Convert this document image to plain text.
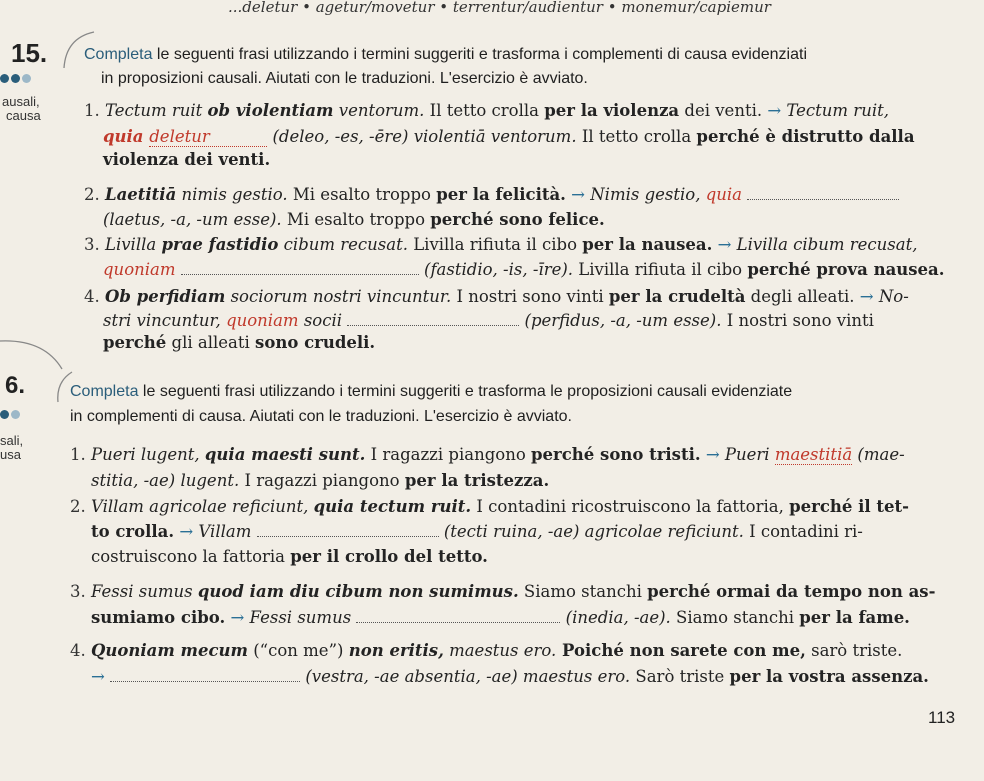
...deletur • agetur/movetur • terrentur/audientur • monemur/capiemur
15. Completa le seguenti frasi utilizzando i termini suggeriti e trasforma i complementi di causa evidenziati
in proposizioni causali. Aiutati con le traduzioni. L'esercizio è avviato.
ausali,
causa	1. Tectum ruit ob violentiam ventorum. Il tetto crolla per la violenza dei venti. → Tectum ruit,
quia deletur	(deleo, -es, -ēre) violentiā ventorum. Il tetto crolla perché è distrutto dalla
violenza dei venti.
2. Laetitiā nimis gestio. Mi esalto troppo per la felicità. → Nimis gestio, quia
(laetus, -a, -um esse). Mi esalto troppo perché sono felice.
3. Livilla prae fastidio cibum recusat. Livilla rifiuta il cibo per la nausea. → Livilla cibum recusat,
quoniam	(fastidio, -is, -īre). Livilla rifiuta il cibo perché prova nausea.
4. Ob perfidiam sociorum nostri vincuntur. I nostri sono vinti per la crudeltà degli alleati. → No-
stri vincuntur, quoniam socii	(perfidus, -a, -um esse). I nostri sono vinti
perché gli alleati sono crudeli.
6.	Completa le seguenti frasi utilizzando i termini suggeriti e trasforma le proposizioni causali evidenziate
in complementi di causa. Aiutati con le traduzioni. L'esercizio è avviato.
sali,
usa	1. Pueri lugent, quia maesti sunt. I ragazzi piangono perché sono tristi. → Pueri maestitiā (mae-
stitia, -ae) lugent. I ragazzi piangono per la tristezza.
2. Villam agricolae reficiunt, quia tectum ruit. I contadini ricostruiscono la fattoria, perché il tet-
to crolla. → Villam	(tecti ruina, -ae) agricolae reficiunt. I contadini ri-
costruiscono la fattoria per il crollo del tetto.
3. Fessi sumus quod iam diu cibum non sumimus. Siamo stanchi perché ormai da tempo non as-
sumiamo cibo. → Fessi sumus	(inedia, -ae). Siamo stanchi per la fame.
4. Quoniam mecum (“con me”) non eritis, maestus ero. Poiché non sarete con me, sarò triste.
→	(vestra, -ae absentia, -ae) maestus ero. Sarò triste per la vostra assenza.
113
